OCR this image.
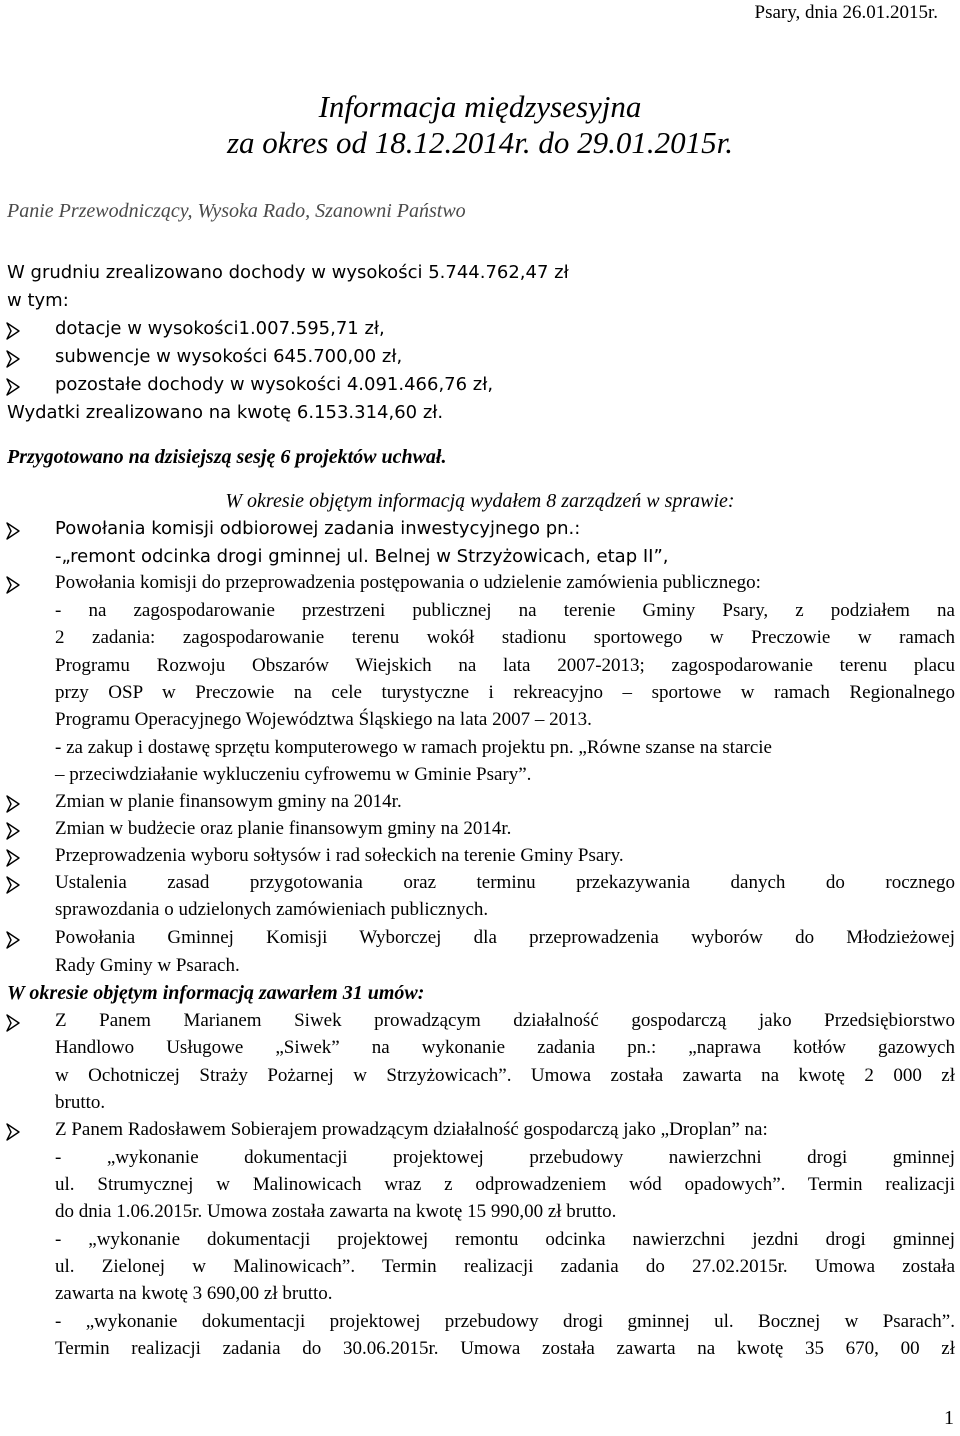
Psary, dnia 26.01.2015r.
Informacja międzysesyjna
za okres od 18.12.2014r. do 29.01.2015r.
Panie Przewodniczący, Wysoka Rado, Szanowni Państwo
W grudniu zrealizowano dochody w wysokości 5.744.762,47 zł
w tym:
dotacje w wysokości1.007.595,71 zł,
subwencje w wysokości 645.700,00 zł,
pozostałe dochody w wysokości 4.091.466,76 zł,
Wydatki zrealizowano na kwotę 6.153.314,60 zł.
Przygotowano na dzisiejszą sesję 6 projektów uchwał.
W okresie objętym informacją wydałem 8 zarządzeń w sprawie:
Powołania komisji odbiorowej zadania inwestycyjnego pn.:
-„remont odcinka drogi gminnej ul. Belnej w Strzyżowicach, etap II”,
Powołania komisji do przeprowadzenia postępowania o udzielenie zamówienia publicznego:
- na zagospodarowanie przestrzeni publicznej na terenie Gminy Psary, z podziałem na
2 zadania: zagospodarowanie terenu wokół stadionu sportowego w Preczowie w ramach
Programu Rozwoju Obszarów Wiejskich na lata 2007-2013; zagospodarowanie terenu placu
przy OSP w Preczowie na cele turystyczne i rekreacyjno – sportowe w ramach Regionalnego
Programu Operacyjnego Województwa Śląskiego na lata 2007 – 2013.
- za zakup i dostawę sprzętu komputerowego w ramach projektu pn. „Równe szanse na starcie
– przeciwdziałanie wykluczeniu cyfrowemu w Gminie Psary”.
Zmian w planie finansowym gminy na 2014r.
Zmian w budżecie oraz planie finansowym gminy na 2014r.
Przeprowadzenia wyboru sołtysów i rad sołeckich na terenie Gminy Psary.
Ustalenia zasad przygotowania oraz terminu przekazywania danych do rocznego
sprawozdania o udzielonych zamówieniach publicznych.
Powołania Gminnej Komisji Wyborczej dla przeprowadzenia wyborów do Młodzieżowej
Rady Gminy w Psarach.
W okresie objętym informacją zawarłem 31 umów:
Z Panem Marianem Siwek prowadzącym działalność gospodarczą jako Przedsiębiorstwo
Handlowo Usługowe „Siwek” na wykonanie zadania pn.: „naprawa kotłów gazowych
w Ochotniczej Straży Pożarnej w Strzyżowicach”. Umowa została zawarta na kwotę 2 000 zł
brutto.
Z Panem Radosławem Sobierajem prowadzącym działalność gospodarczą jako „Droplan” na:
- „wykonanie dokumentacji projektowej przebudowy nawierzchni drogi gminnej
ul. Strumycznej w Malinowicach wraz z odprowadzeniem wód opadowych”. Termin realizacji
do dnia 1.06.2015r. Umowa została zawarta na kwotę 15 990,00 zł brutto.
- „wykonanie dokumentacji projektowej remontu odcinka nawierzchni jezdni drogi gminnej
ul. Zielonej w Malinowicach”. Termin realizacji zadania do 27.02.2015r. Umowa została
zawarta na kwotę 3 690,00 zł brutto.
- „wykonanie dokumentacji projektowej przebudowy drogi gminnej ul. Bocznej w Psarach”.
Termin realizacji zadania do 30.06.2015r. Umowa została zawarta na kwotę 35 670, 00 zł
1
